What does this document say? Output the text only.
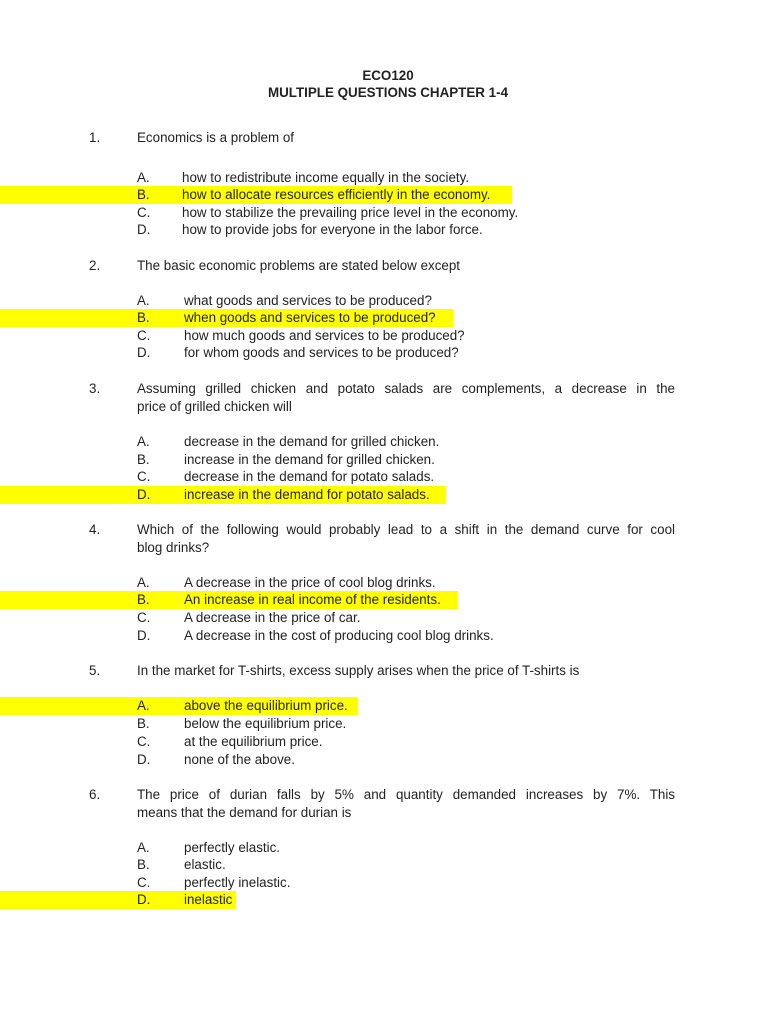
ECO120
MULTIPLE QUESTIONS CHAPTER 1-4
1.	Economics is a problem of
A. how to redistribute income equally in the society.
B. how to allocate resources efficiently in the economy.
C. how to stabilize the prevailing price level in the economy.
D. how to provide jobs for everyone in the labor force.
2.	The basic economic problems are stated below except
A.	what goods and services to be produced?
B.	when goods and services to be produced?
C.	how much goods and services to be produced?
D.	for whom goods and services to be produced?
3.	Assuming grilled chicken and potato salads are complements, a decrease in the
price of grilled chicken will
A.	decrease in the demand for grilled chicken.
B.	increase in the demand for grilled chicken.
C.	decrease in the demand for potato salads.
D.	increase in the demand for potato salads.
4.	Which of the following would probably lead to a shift in the demand curve for cool
blog drinks?
A.	A decrease in the price of cool blog drinks.
B.	An increase in real income of the residents.
C.	A decrease in the price of car.
D.	A decrease in the cost of producing cool blog drinks.
5.	In the market for T-shirts, excess supply arises when the price of T-shirts is
A.	above the equilibrium price.
B.	below the equilibrium price.
C.	at the equilibrium price.
D.	none of the above.
6.	The price of durian falls by 5% and quantity demanded increases by 7%. This
means that the demand for durian is
A.	perfectly elastic.
B.	elastic.
C.	perfectly inelastic.
D.	inelastic
